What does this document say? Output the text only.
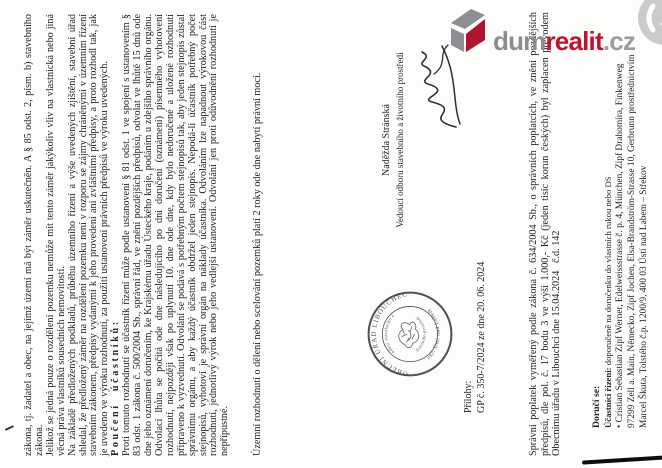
zákona, tj. žadatel a obec, na jejímž území má být záměr uskutečněn. A § 85 odst. 2, písm. b) stavebního zákona. Jelikož se jedná pouze o rozdělení pozemku nemůže mít tento záměr jakýkoliv vliv na vlastnická nebo jiná věcná práva vlastníků sousedních nemovitostí. Na základě předložených podkladů, průběhu územního řízení a výše uvedených zjištění, stavební úřad shledal, že předložený záměr na rozdělení pozemku není v rozporu se zájmy chráněnými v územním řízení stavebním zákonem, předpisy vydanými k jeho provedení ani zvláštními předpisy, a proto rozhodl tak, jak je uvedeno ve výroku rozhodnutí, za použití ustanovení právních předpisů ve výroku uvedených. Poučení účastníků: Proti tomuto rozhodnutí se účastník řízení může podle ustanovení § 81 odst. 1 ve spojení s ustanovením § 83 odst. 1 zákona č. 500/2004 Sb., správní řád, ve znění pozdějších předpisů, odvolat ve lhůtě 15 dnů ode dne jeho oznámení doručením, ke Krajskému úřadu Ústeckého kraje, podáním u zdejšího správního orgánu. Odvolací lhůta se počítá ode dne následujícího po dni doručení (oznámení) písemného vyhotovení rozhodnutí, nejpozději však po uplynutí 10. dne ode dne, kdy bylo nedoručené a uložené rozhodnutí připraveno k vyzvednutí. Odvolání se podává s potřebným počtem stejnopisů tak, aby jeden stejnopis zůstal správnímu orgánu, a aby každý účastník obdržel jeden stejnopis. Nepodá-li účastník potřebný počet stejnopisů, vyhotoví je správní orgán na náklady účastníka. Odvoláním lze napadnout výrokovou část rozhodnutí, jednotlivý výrok nebo jeho vedlejší ustanovení. Odvolání jen proti odůvodnění rozhodnutí je nepřípustné. Územní rozhodnutí o dělení nebo scelování pozemků platí 2 roky ode dne nabytí právní moci.	Naděžda Stránská Vedoucí odboru stavebního a životního prostředí
OBECNÍ ÚŘAD LIBOUCHEC
okr. Ústí nad Labem
odbor stavebního a
životního prostředí
Přílohy: GP č. 350-7/2024 ze dne 20. 06. 2024	Správní poplatek vyměřený podle zákona č. 634/2004 Sb., o správních poplatcích, ve znění pozdějších předpisů, dle pol. č. 17 bodu 3 ve výši 1.000,- Kč (jeden tisíc korun českých) byl zaplacen převodem Obecnímu úřadu v Libouchci dne 15.04.2024   č.d. 142	Doručí se: Účastníci řízení: doporučeně na doručenku do vlastních rukou nebo DS • Cristian Sebastian Zipf Werner, Edelweissstrasse č. p. 4, München, Zipf Drahomíra, Finkenweg 97299 Zell a. Main, Německo, Zipf Jochen, Elsa-Brandström-Strasse 10, Gerbrunn prostřednictvím Marcel Škuta, Tolstého č.p. 1200/9, 400 03 Ústí nad Labem – Střekov
dumrealit.cz
